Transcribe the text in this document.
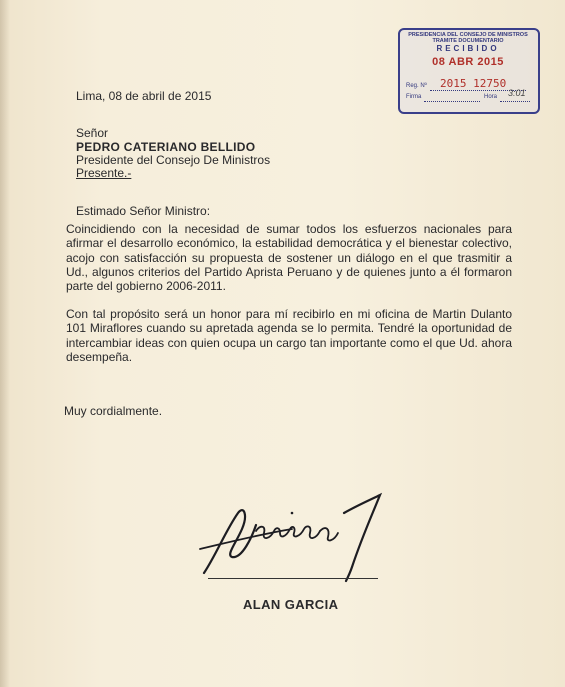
PRESIDENCIA DEL CONSEJO DE MINISTROS
TRAMITE DOCUMENTARIO
RECIBIDO
08 ABR 2015
Reg. Nº 2015 12750
Firma	Hora 3:01
Lima, 08 de abril de 2015
Señor
PEDRO CATERIANO BELLIDO
Presidente del Consejo De Ministros
Presente.-
Estimado Señor Ministro:
Coincidiendo con la necesidad de sumar todos los esfuerzos nacionales para afirmar el desarrollo económico, la estabilidad democrática y el bienestar colectivo, acojo con satisfacción su propuesta de sostener un diálogo en el que trasmitir a Ud., algunos criterios del Partido Aprista Peruano y de quienes junto a él formaron parte del gobierno 2006-2011.
Con tal propósito será un honor para mí recibirlo en mi oficina de Martin Dulanto 101 Miraflores cuando su apretada agenda se lo permita. Tendré la oportunidad de intercambiar ideas con quien ocupa un cargo tan importante como el que Ud. ahora desempeña.
Muy cordialmente.
ALAN GARCIA
